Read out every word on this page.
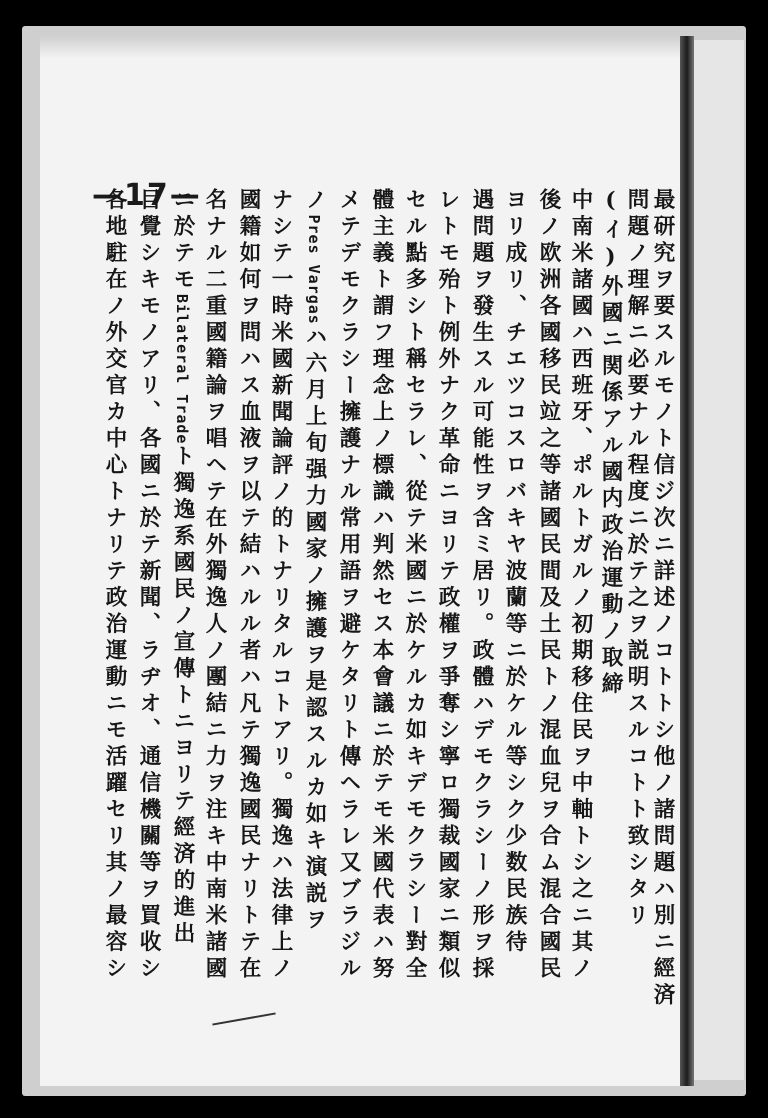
—17—	最研究ヲ要スルモノト信ジ次ニ詳述ノコトトシ他ノ諸問題ハ別ニ經済
問題ノ理解ニ必要ナル程度ニ於テ之ヲ説明スルコトト致シタリ
(ｲ)外國ニ関係アル國内政治運動ノ取締
中南米諸國ハ西班牙、ポルトガルノ初期移住民ヲ中軸トシ之ニ其ノ
後ノ欧洲各國移民竝之等諸國民間及土民トノ混血兒ヲ合ム混合國民
ヨリ成リ、チエツコスロバキヤ波蘭等ニ於ケル等シク少数民族待
遇問題ヲ發生スル可能性ヲ含ミ居リ。政體ハデモクラシーノ形ヲ採
レトモ殆ト例外ナク革命ニヨリテ政權ヲ爭奪シ寧ロ獨裁國家ニ類似
セル點多シト稱セラレ、從テ米國ニ於ケルカ如キデモクラシー對全
體主義ト謂フ理念上ノ標識ハ判然セス本會議ニ於テモ米國代表ハ努
メテデモクラシー擁護ナル常用語ヲ避ケタリト傳ヘラレ又ブラジル
ノPres Vargasハ六月上旬强力國家ノ擁護ヲ是認スルカ如キ演説ヲ
ナシテ一時米國新聞論評ノ的トナリタルコトアリ。獨逸ハ法律上ノ
國籍如何ヲ問ハス血液ヲ以テ結ハルル者ハ凡テ獨逸國民ナリトテ在
名ナル二重國籍論ヲ唱ヘテ在外獨逸人ノ團結ニ力ヲ注キ中南米諸國
ニ於テモBilateral Tradeト獨逸系國民ノ宣傳トニヨリテ經済的進出
目覺シキモノアリ、各國ニ於テ新聞、ラヂオ、通信機關等ヲ買收シ
各地駐在ノ外交官カ中心トナリテ政治運動ニモ活躍セリ其ノ最容シ
